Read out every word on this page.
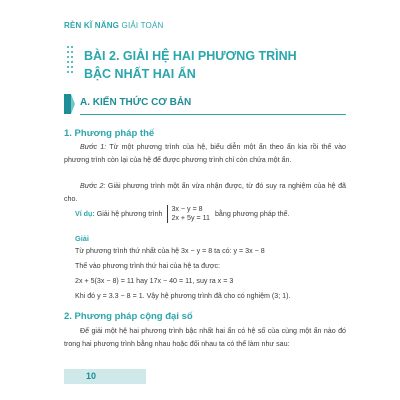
RÈN KĨ NĂNG GIẢI TOÁN
BÀI 2. GIẢI HỆ HAI PHƯƠNG TRÌNH
BẬC NHẤT HAI ẨN
A. KIẾN THỨC CƠ BẢN
1. Phương pháp thế
Bước 1: Từ một phương trình của hệ, biểu diễn một ẩn theo ẩn kia rồi thế vào phương trình còn lại của hệ để được phương trình chỉ còn chứa một ẩn.
Bước 2: Giải phương trình một ẩn vừa nhận được, từ đó suy ra nghiệm của hệ đã cho.
Ví dụ: Giải hệ phương trình
3x − y = 8
2x + 5y = 11
bằng phương pháp thế.
Giải
Từ phương trình thứ nhất của hệ 3x − y = 8 ta có: y = 3x − 8
Thế vào phương trình thứ hai của hệ ta được:
2x + 5(3x − 8) = 11 hay 17x − 40 = 11, suy ra x = 3
Khi đó y = 3.3 − 8 = 1. Vậy hệ phương trình đã cho có nghiệm (3; 1).
2. Phương pháp cộng đại số
Để giải một hệ hai phương trình bậc nhất hai ẩn có hệ số của cùng một ẩn nào đó trong hai phương trình bằng nhau hoặc đối nhau ta có thể làm như sau:
10
